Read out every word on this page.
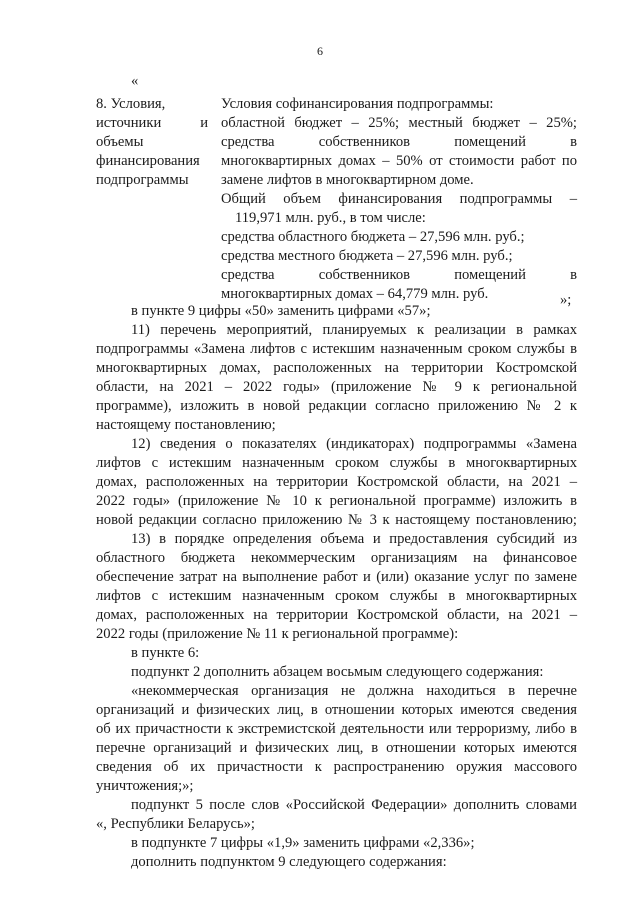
6
«
8. Условия,
источники	и
объемы
финансирования
подпрограммы
Условия софинансирования подпрограммы:
областной бюджет – 25%; местный бюджет – 25%;
средства собственников помещений в
многоквартирных домах – 50% от стоимости работ по
замене лифтов в многоквартирном доме.
Общий объем финансирования подпрограммы –
119,971 млн. руб., в том числе:
средства областного бюджета – 27,596 млн. руб.;
средства местного бюджета – 27,596 млн. руб.;
средства собственников помещений в
многоквартирных домах – 64,779 млн. руб.	»;
в пункте 9 цифры «50» заменить цифрами «57»;
11) перечень мероприятий, планируемых к реализации в рамках
подпрограммы «Замена лифтов с истекшим назначенным сроком службы в
многоквартирных домах, расположенных на территории Костромской
области, на 2021 – 2022 годы» (приложение № 9 к региональной
программе), изложить в новой редакции согласно приложению № 2 к
настоящему постановлению;
12) сведения о показателях (индикаторах) подпрограммы «Замена
лифтов с истекшим назначенным сроком службы в многоквартирных
домах, расположенных на территории Костромской области, на 2021 –
2022 годы» (приложение № 10 к региональной программе) изложить в
новой редакции согласно приложению № 3 к настоящему постановлению;
13) в порядке определения объема и предоставления субсидий из
областного бюджета некоммерческим организациям на финансовое
обеспечение затрат на выполнение работ и (или) оказание услуг по замене
лифтов с истекшим назначенным сроком службы в многоквартирных
домах, расположенных на территории Костромской области, на 2021 –
2022 годы (приложение № 11 к региональной программе):
в пункте 6:
подпункт 2 дополнить абзацем восьмым следующего содержания:
«некоммерческая организация не должна находиться в перечне
организаций и физических лиц, в отношении которых имеются сведения
об их причастности к экстремистской деятельности или терроризму, либо в
перечне организаций и физических лиц, в отношении которых имеются
сведения об их причастности к распространению оружия массового
уничтожения;»;
подпункт 5 после слов «Российской Федерации» дополнить словами
«, Республики Беларусь»;
в подпункте 7 цифры «1,9» заменить цифрами «2,336»;
дополнить подпунктом 9 следующего содержания:
